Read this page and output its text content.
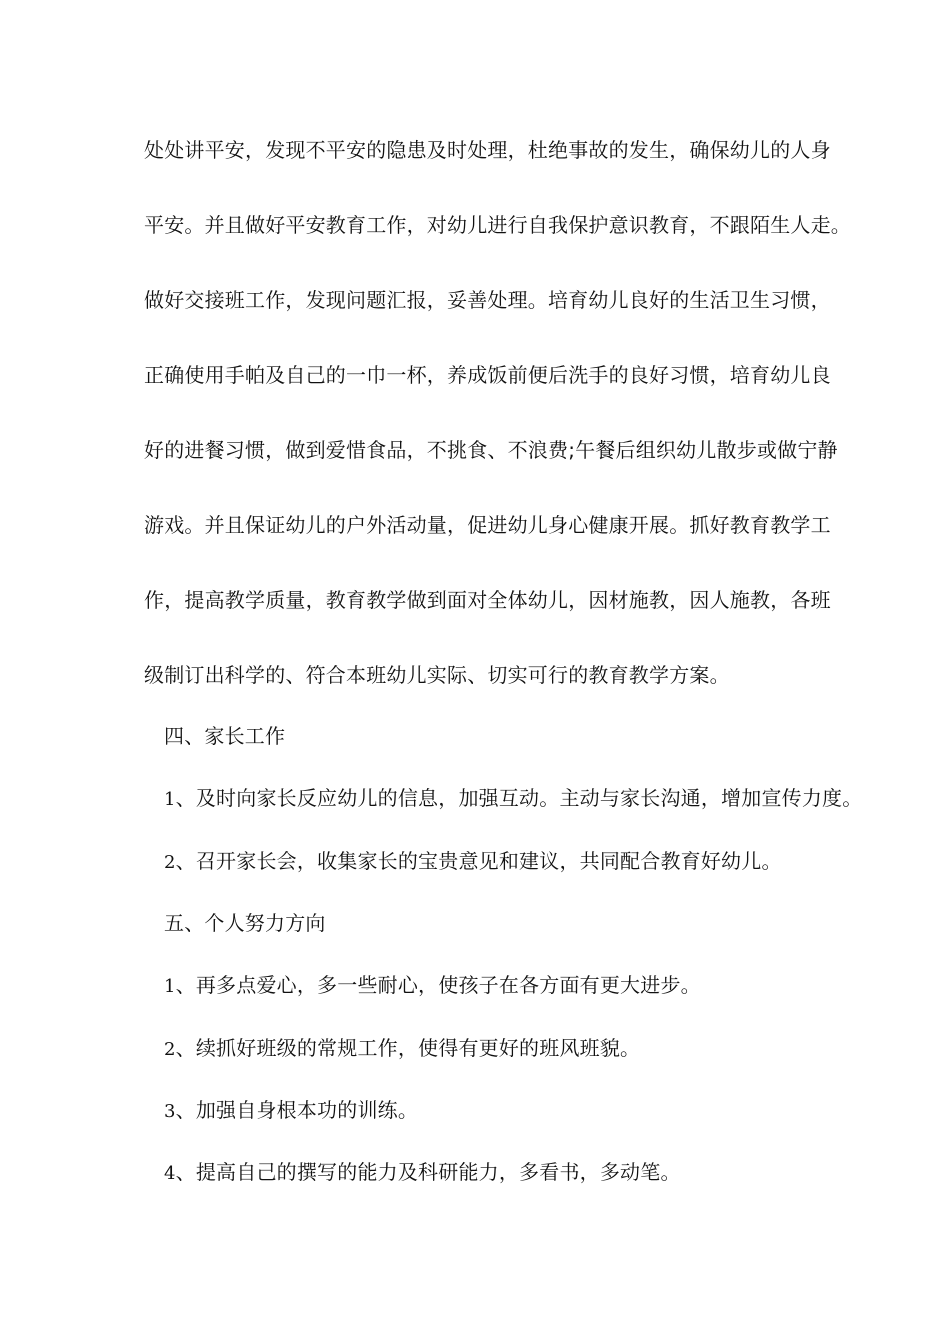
处处讲平安，发现不平安的隐患及时处理，杜绝事故的发生，确保幼儿的人身
平安。并且做好平安教育工作，对幼儿进行自我保护意识教育，不跟陌生人走。
做好交接班工作，发现问题汇报，妥善处理。培育幼儿良好的生活卫生习惯，
正确使用手帕及自己的一巾一杯，养成饭前便后洗手的良好习惯，培育幼儿良
好的进餐习惯，做到爱惜食品，不挑食、不浪费;午餐后组织幼儿散步或做宁静
游戏。并且保证幼儿的户外活动量，促进幼儿身心健康开展。抓好教育教学工
作，提高教学质量，教育教学做到面对全体幼儿，因材施教，因人施教，各班
级制订出科学的、符合本班幼儿实际、切实可行的教育教学方案。
四、家长工作
1、及时向家长反应幼儿的信息，加强互动。主动与家长沟通，增加宣传力度。
2、召开家长会，收集家长的宝贵意见和建议，共同配合教育好幼儿。
五、个人努力方向
1、再多点爱心，多一些耐心，使孩子在各方面有更大进步。
2、续抓好班级的常规工作，使得有更好的班风班貌。
3、加强自身根本功的训练。
4、提高自己的撰写的能力及科研能力，多看书，多动笔。
